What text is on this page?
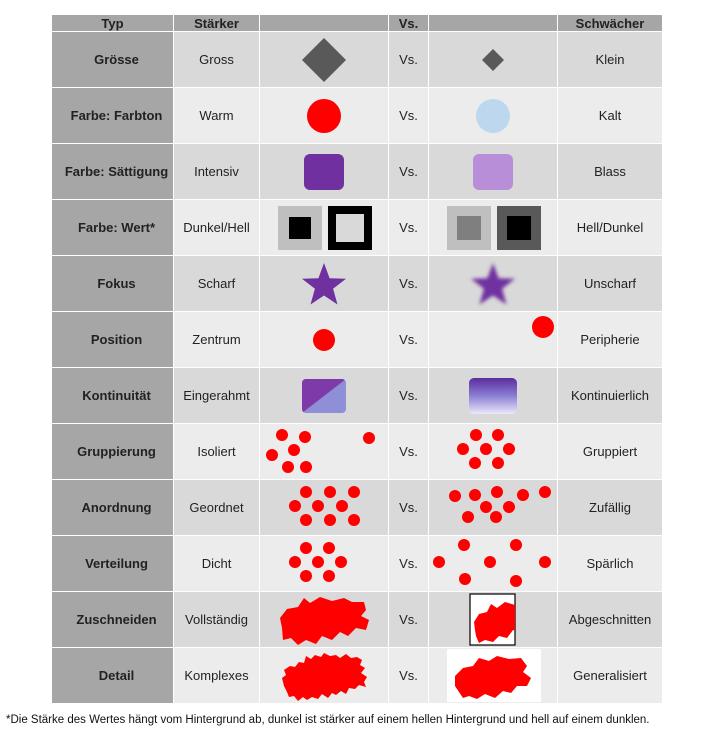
Typ	Stärker		Vs.		Schwächer
Grösse	Gross		Vs.		Klein
Farbe: Farbton	Warm		Vs.		Kalt
Farbe: Sättigung	Intensiv		Vs.		Blass
Farbe: Wert*	Dunkel/Hell		Vs.		Hell/Dunkel
Fokus	Scharf		Vs.		Unscharf
Position	Zentrum		Vs.		Peripherie
Kontinuität	Eingerahmt		Vs.		Kontinuierlich
Gruppierung	Isoliert		Vs.		Gruppiert
Anordnung	Geordnet		Vs.		Zufällig
Verteilung	Dicht		Vs.		Spärlich
Zuschneiden	Vollständig		Vs.		Abgeschnitten
Detail	Komplexes		Vs.		Generalisiert
*Die Stärke des Wertes hängt vom Hintergrund ab, dunkel ist stärker auf einem hellen Hintergrund und hell auf einem dunklen.
